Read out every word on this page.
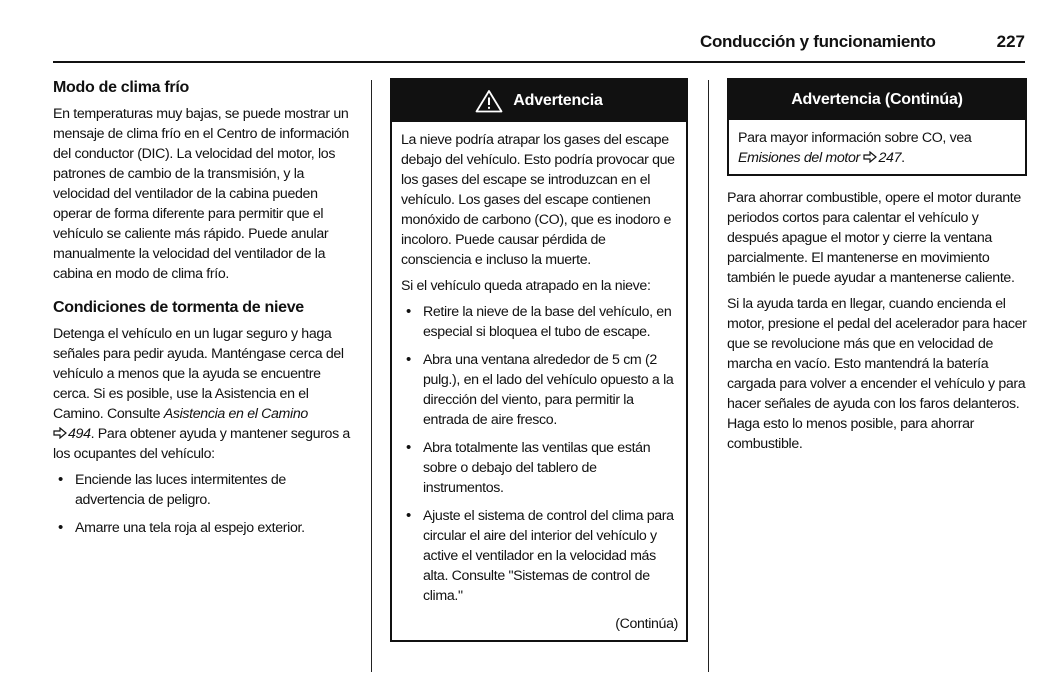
Conducción y funcionamiento	227
Modo de clima frío

En temperaturas muy bajas, se puede mostrar un mensaje de clima frío en el Centro de información del conductor (DIC). La velocidad del motor, los patrones de cambio de la transmisión, y la velocidad del ventilador de la cabina pueden operar de forma diferente para permitir que el vehículo se caliente más rápido. Puede anular manualmente la velocidad del ventilador de la cabina en modo de clima frío.

Condiciones de tormenta de nieve

Detenga el vehículo en un lugar seguro y haga señales para pedir ayuda. Manténgase cerca del vehículo a menos que la ayuda se encuentre cerca. Si es posible, use la Asistencia en el Camino. Consulte Asistencia en el Camino
494. Para obtener ayuda y mantener seguros a los ocupantes del vehículo:

• Enciende las luces intermitentes de advertencia de peligro.
• Amarre una tela roja al espejo exterior.
Advertencia

La nieve podría atrapar los gases del escape debajo del vehículo. Esto podría provocar que los gases del escape se introduzcan en el vehículo. Los gases del escape contienen monóxido de carbono (CO), que es inodoro e incoloro. Puede causar pérdida de consciencia e incluso la muerte.

Si el vehículo queda atrapado en la nieve:

• Retire la nieve de la base del vehículo, en especial si bloquea el tubo de escape.
• Abra una ventana alrededor de 5 cm (2 pulg.), en el lado del vehículo opuesto a la dirección del viento, para permitir la entrada de aire fresco.
• Abra totalmente las ventilas que están sobre o debajo del tablero de instrumentos.
• Ajuste el sistema de control del clima para circular el aire del interior del vehículo y active el ventilador en la velocidad más alta. Consulte "Sistemas de control de clima."
(Continúa)
Advertencia (Continúa)

Para mayor información sobre CO, vea
Emisiones del motor 247.

Para ahorrar combustible, opere el motor durante periodos cortos para calentar el vehículo y después apague el motor y cierre la ventana parcialmente. El mantenerse en movimiento también le puede ayudar a mantenerse caliente.

Si la ayuda tarda en llegar, cuando encienda el motor, presione el pedal del acelerador para hacer que se revolucione más que en velocidad de marcha en vacío. Esto mantendrá la batería cargada para volver a encender el vehículo y para hacer señales de ayuda con los faros delanteros. Haga esto lo menos posible, para ahorrar combustible.
